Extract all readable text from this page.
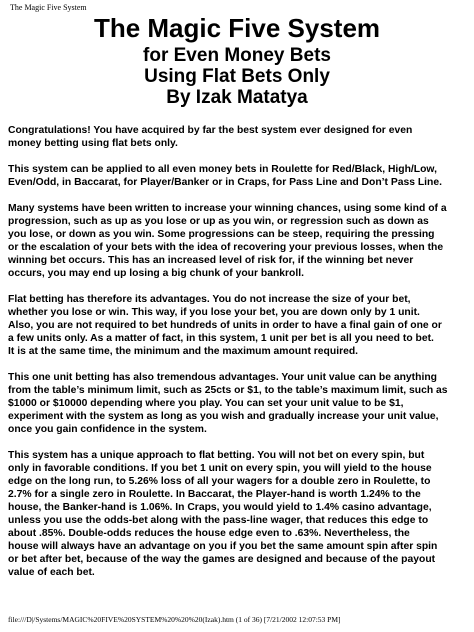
The Magic Five System
The Magic Five System
for Even Money Bets
Using Flat Bets Only
By Izak Matatya

Congratulations! You have acquired by far the best system ever designed for even
money betting using flat bets only.

This system can be applied to all even money bets in Roulette for Red/Black, High/Low,
Even/Odd, in Baccarat, for Player/Banker or in Craps, for Pass Line and Don’t Pass Line.

Many systems have been written to increase your winning chances, using some kind of a
progression, such as up as you lose or up as you win, or regression such as down as
you lose, or down as you win. Some progressions can be steep, requiring the pressing
or the escalation of your bets with the idea of recovering your previous losses, when the
winning bet occurs. This has an increased level of risk for, if the winning bet never
occurs, you may end up losing a big chunk of your bankroll.

Flat betting has therefore its advantages. You do not increase the size of your bet,
whether you lose or win. This way, if you lose your bet, you are down only by 1 unit.
Also, you are not required to bet hundreds of units in order to have a final gain of one or
a few units only. As a matter of fact, in this system, 1 unit per bet is all you need to bet.
It is at the same time, the minimum and the maximum amount required.

This one unit betting has also tremendous advantages. Your unit value can be anything
from the table’s minimum limit, such as 25cts or $1, to the table’s maximum limit, such as
$1000 or $10000 depending where you play. You can set your unit value to be $1,
experiment with the system as long as you wish and gradually increase your unit value,
once you gain confidence in the system.

This system has a unique approach to flat betting. You will not bet on every spin, but
only in favorable conditions. If you bet 1 unit on every spin, you will yield to the house
edge on the long run, to 5.26% loss of all your wagers for a double zero in Roulette, to
2.7% for a single zero in Roulette. In Baccarat, the Player-hand is worth 1.24% to the
house, the Banker-hand is 1.06%. In Craps, you would yield to 1.4% casino advantage,
unless you use the odds-bet along with the pass-line wager, that reduces this edge to
about .85%. Double-odds reduces the house edge even to .63%. Nevertheless, the
house will always have an advantage on you if you bet the same amount spin after spin
or bet after bet, because of the way the games are designed and because of the payout
value of each bet.

file:///D|/Systems/MAGIC%20FIVE%20SYSTEM%20%20%20(Izak).htm (1 of 36) [7/21/2002 12:07:53 PM]
